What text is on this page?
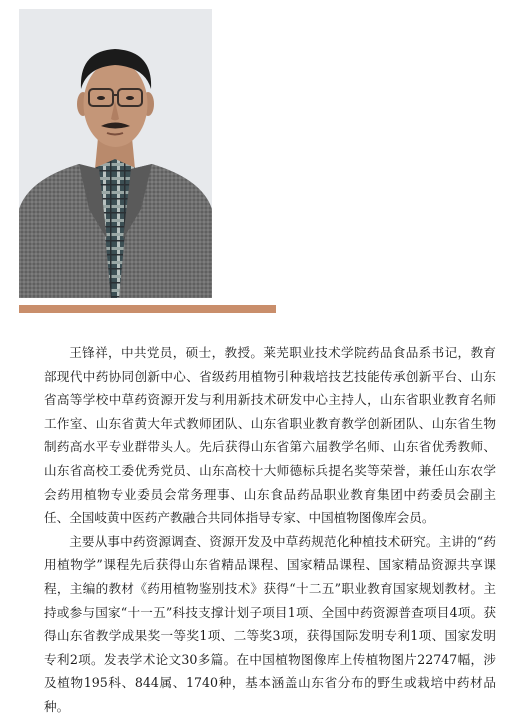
王锋祥，中共党员，硕士，教授。莱芜职业技术学院药品食品系书记，教育部现代中药协同创新中心、省级药用植物引种栽培技艺技能传承创新平台、山东省高等学校中草药资源开发与利用新技术研发中心主持人，山东省职业教育名师工作室、山东省黄大年式教师团队、山东省职业教育教学创新团队、山东省生物制药高水平专业群带头人。先后获得山东省第六届教学名师、山东省优秀教师、山东省高校工委优秀党员、山东高校十大师德标兵提名奖等荣誉，兼任山东农学会药用植物专业委员会常务理事、山东食品药品职业教育集团中药委员会副主任、全国岐黄中医药产教融合共同体指导专家、中国植物图像库会员。

主要从事中药资源调查、资源开发及中草药规范化种植技术研究。主讲的“药用植物学”课程先后获得山东省精品课程、国家精品课程、国家精品资源共享课程，主编的教材《药用植物鉴别技术》获得“十二五”职业教育国家规划教材。主持或参与国家“十一五”科技支撑计划子项目1项、全国中药资源普查项目4项。获得山东省教学成果奖一等奖1项、二等奖3项，获得国际发明专利1项、国家发明专利2项。发表学术论文30多篇。在中国植物图像库上传植物图片22747幅，涉及植物195科、844属、1740种，基本涵盖山东省分布的野生或栽培中药材品种。
